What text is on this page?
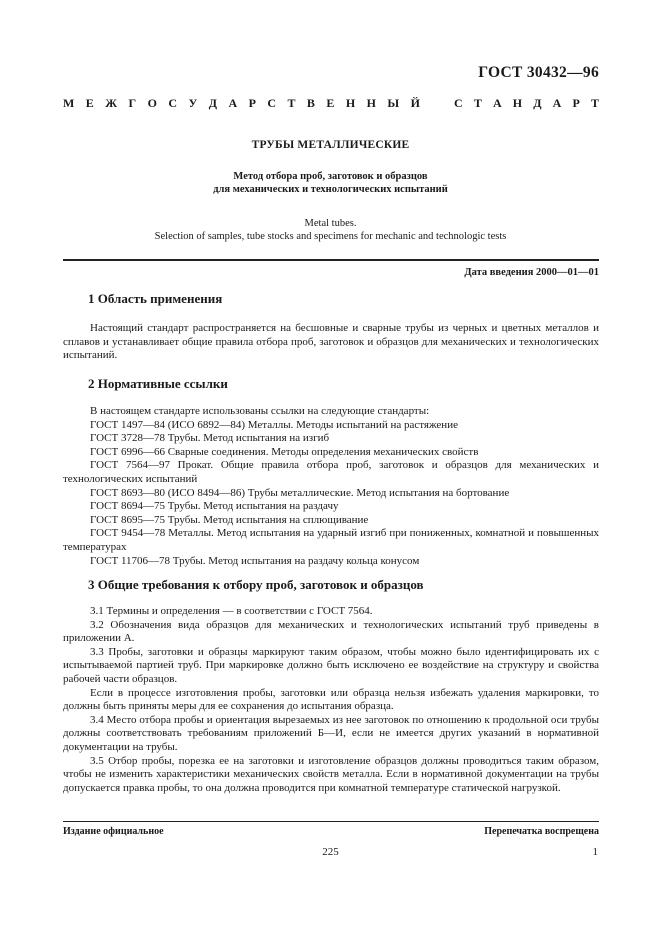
ГОСТ 30432—96
М Е Ж Г О С У Д А Р С Т В Е Н Н Ы Й	С Т А Н Д А Р Т
ТРУБЫ МЕТАЛЛИЧЕСКИЕ
Метод отбора проб, заготовок и образцов
для механических и технологических испытаний
Metal tubes.
Selection of samples, tube stocks and specimens for mechanic and technologic tests
Дата введения 2000—01—01
1 Область применения
Настоящий стандарт распространяется на бесшовные и сварные трубы из черных и цветных металлов и сплавов и устанавливает общие правила отбора проб, заготовок и образцов для механических и технологических испытаний.
2 Нормативные ссылки
В настоящем стандарте использованы ссылки на следующие стандарты:
ГОСТ 1497—84 (ИСО 6892—84) Металлы. Методы испытаний на растяжение
ГОСТ 3728—78 Трубы. Метод испытания на изгиб
ГОСТ 6996—66 Сварные соединения. Методы определения механических свойств
ГОСТ 7564—97 Прокат. Общие правила отбора проб, заготовок и образцов для механических и технологических испытаний
ГОСТ 8693—80 (ИСО 8494—86) Трубы металлические. Метод испытания на бортование
ГОСТ 8694—75 Трубы. Метод испытания на раздачу
ГОСТ 8695—75 Трубы. Метод испытания на сплющивание
ГОСТ 9454—78 Металлы. Метод испытания на ударный изгиб при пониженных, комнатной и повышенных температурах
ГОСТ 11706—78 Трубы. Метод испытания на раздачу кольца конусом
3 Общие требования к отбору проб, заготовок и образцов
3.1 Термины и определения — в соответствии с ГОСТ 7564.
3.2 Обозначения вида образцов для механических и технологических испытаний труб приведены в приложении А.
3.3 Пробы, заготовки и образцы маркируют таким образом, чтобы можно было идентифицировать их с испытываемой партией труб. При маркировке должно быть исключено ее воздействие на структуру и свойства рабочей части образцов.
Если в процессе изготовления пробы, заготовки или образца нельзя избежать удаления маркировки, то должны быть приняты меры для ее сохранения до испытания образца.
3.4 Место отбора пробы и ориентация вырезаемых из нее заготовок по отношению к продольной оси трубы должны соответствовать требованиям приложений Б—И, если не имеется других указаний в нормативной документации на трубы.
3.5 Отбор пробы, порезка ее на заготовки и изготовление образцов должны проводиться таким образом, чтобы не изменить характеристики механических свойств металла. Если в нормативной документации на трубы допускается правка пробы, то она должна проводится при комнатной температуре статической нагрузкой.
Издание официальное	Перепечатка воспрещена
225	1
